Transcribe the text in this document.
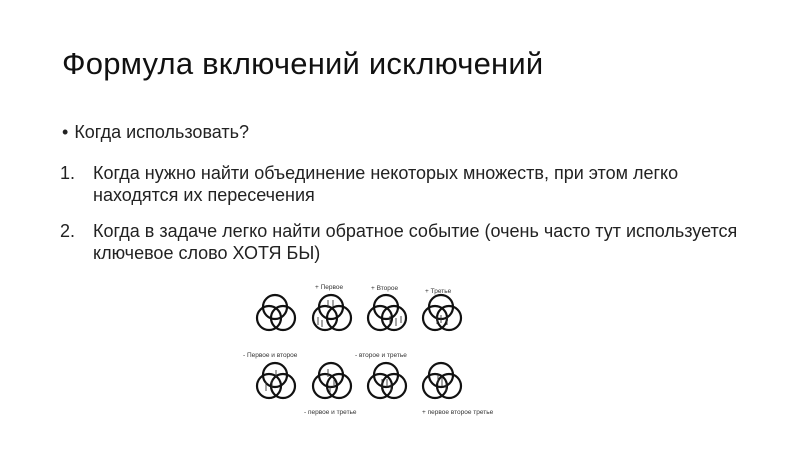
Формула включений исключений
• Когда использовать?
1. Когда нужно найти объединение некоторых множеств, при этом легко находятся их пересечения
2. Когда в задаче легко найти обратное событие (очень часто тут используется ключевое слово ХОТЯ БЫ)
+ Первое	+ Второе	+ Третье
- Первое и второе	- второе и третье
- первое и третье	+ первое второе третье
